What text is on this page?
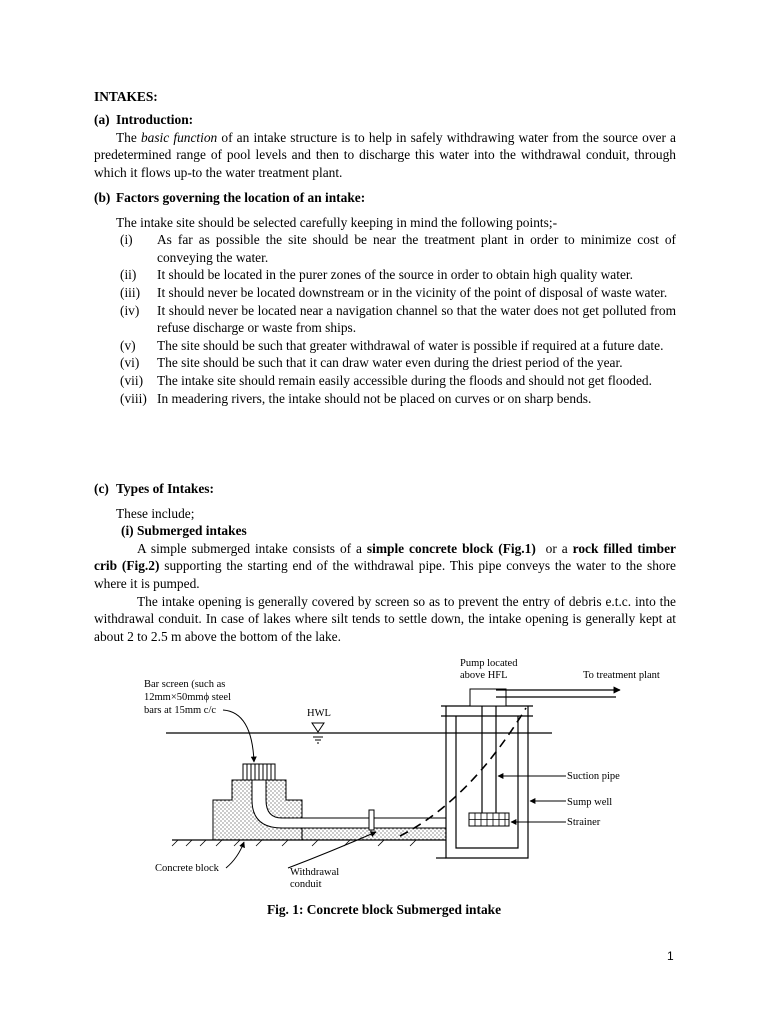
INTAKES:
(a) Introduction:
The basic function of an intake structure is to help in safely withdrawing water from the source over a predetermined range of pool levels and then to discharge this water into the withdrawal conduit, through which it flows up-to the water treatment plant.
(b) Factors governing the location of an intake:
The intake site should be selected carefully keeping in mind the following points;-
(i) As far as possible the site should be near the treatment plant in order to minimize cost of conveying the water.
(ii) It should be located in the purer zones of the source in order to obtain high quality water.
(iii) It should never be located downstream or in the vicinity of the point of disposal of waste water.
(iv) It should never be located near a navigation channel so that the water does not get polluted from refuse discharge or waste from ships.
(v) The site should be such that greater withdrawal of water is possible if required at a future date.
(vi) The site should be such that it can draw water even during the driest period of the year.
(vii) The intake site should remain easily accessible during the floods and should not get flooded.
(viii) In meadering rivers, the intake should not be placed on curves or on sharp bends.
(c) Types of Intakes:
These include;
(i) Submerged intakes
A simple submerged intake consists of a simple concrete block (Fig.1)  or a rock filled timber crib (Fig.2) supporting the starting end of the withdrawal pipe. This pipe conveys the water to the shore where it is pumped.
The intake opening is generally covered by screen so as to prevent the entry of debris e.t.c. into the withdrawal conduit. In case of lakes where silt tends to settle down, the intake opening is generally kept at about 2 to 2.5 m above the bottom of the lake.
HWL
Bar screen (such as
12mm×50mmϕ steel
bars at 15mm c/c
Pump located
above HFL	To treatment plant
Suction pipe
Sump well
Strainer
Concrete block	Withdrawal
conduit
Fig. 1: Concrete block Submerged intake
1
